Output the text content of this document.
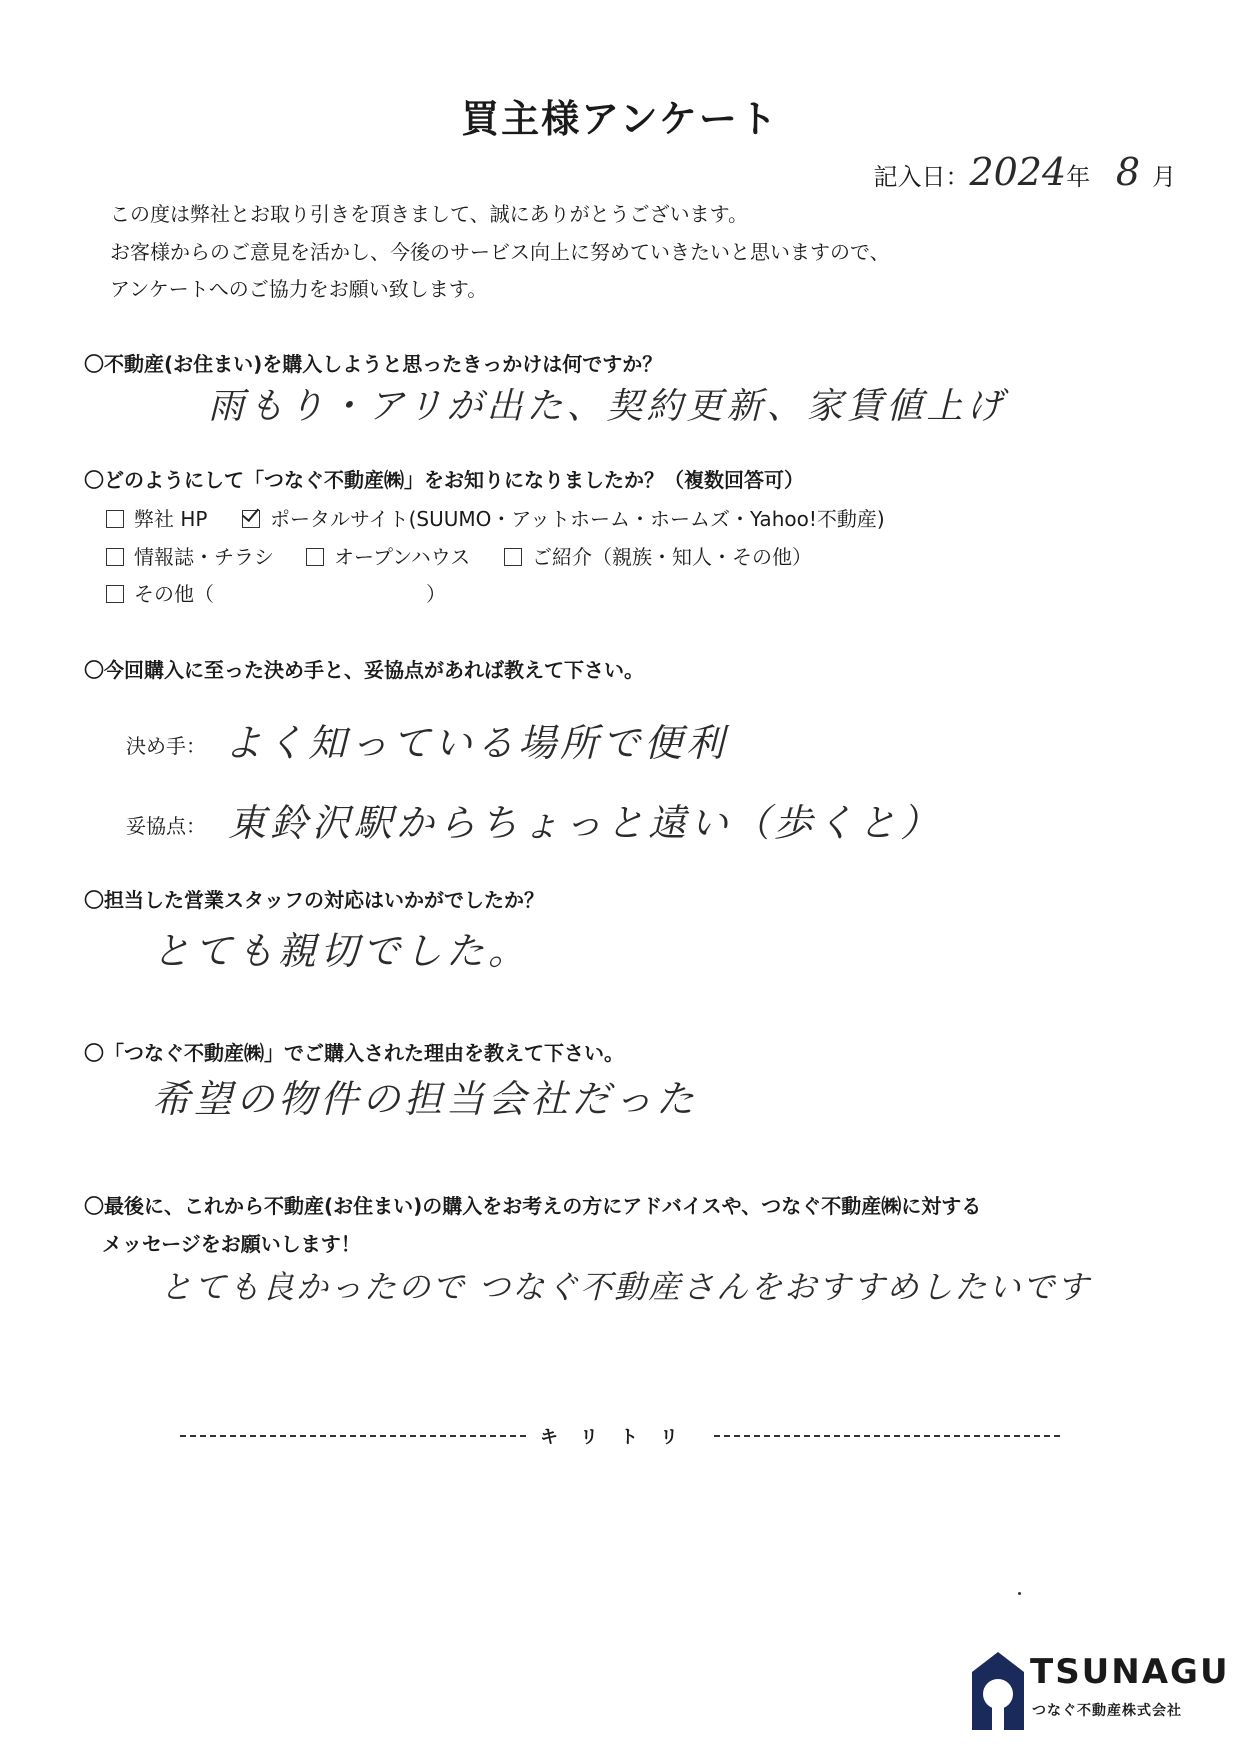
買主様アンケート
記入日：2024年 8 月
この度は弊社とお取り引きを頂きまして、誠にありがとうございます。
お客様からのご意見を活かし、今後のサービス向上に努めていきたいと思いますので、
アンケートへのご協力をお願い致します。
〇不動産(お住まい)を購入しようと思ったきっかけは何ですか？
雨もり・アリが出た、契約更新、家賃値上げ
〇どのようにして「つなぐ不動産㈱」をお知りになりましたか？（複数回答可）
弊社 HP	ポータルサイト(SUUMO・アットホーム・ホームズ・Yahoo!不動産)
情報誌・チラシ	オープンハウス	ご紹介（親族・知人・その他）
その他（	）
〇今回購入に至った決め手と、妥協点があれば教えて下さい。
決め手： よく知っている場所で便利
妥協点： 東鈴沢駅からちょっと遠い（歩くと）
〇担当した営業スタッフの対応はいかがでしたか？
とても親切でした。
〇「つなぐ不動産㈱」でご購入された理由を教えて下さい。
希望の物件の担当会社だった
〇最後に、これから不動産(お住まい)の購入をお考えの方にアドバイスや、つなぐ不動産㈱に対する
メッセージをお願いします！
とても良かったので つなぐ不動産さんをおすすめしたいです
キリトリ
TSUNAGU
つなぐ不動産株式会社
